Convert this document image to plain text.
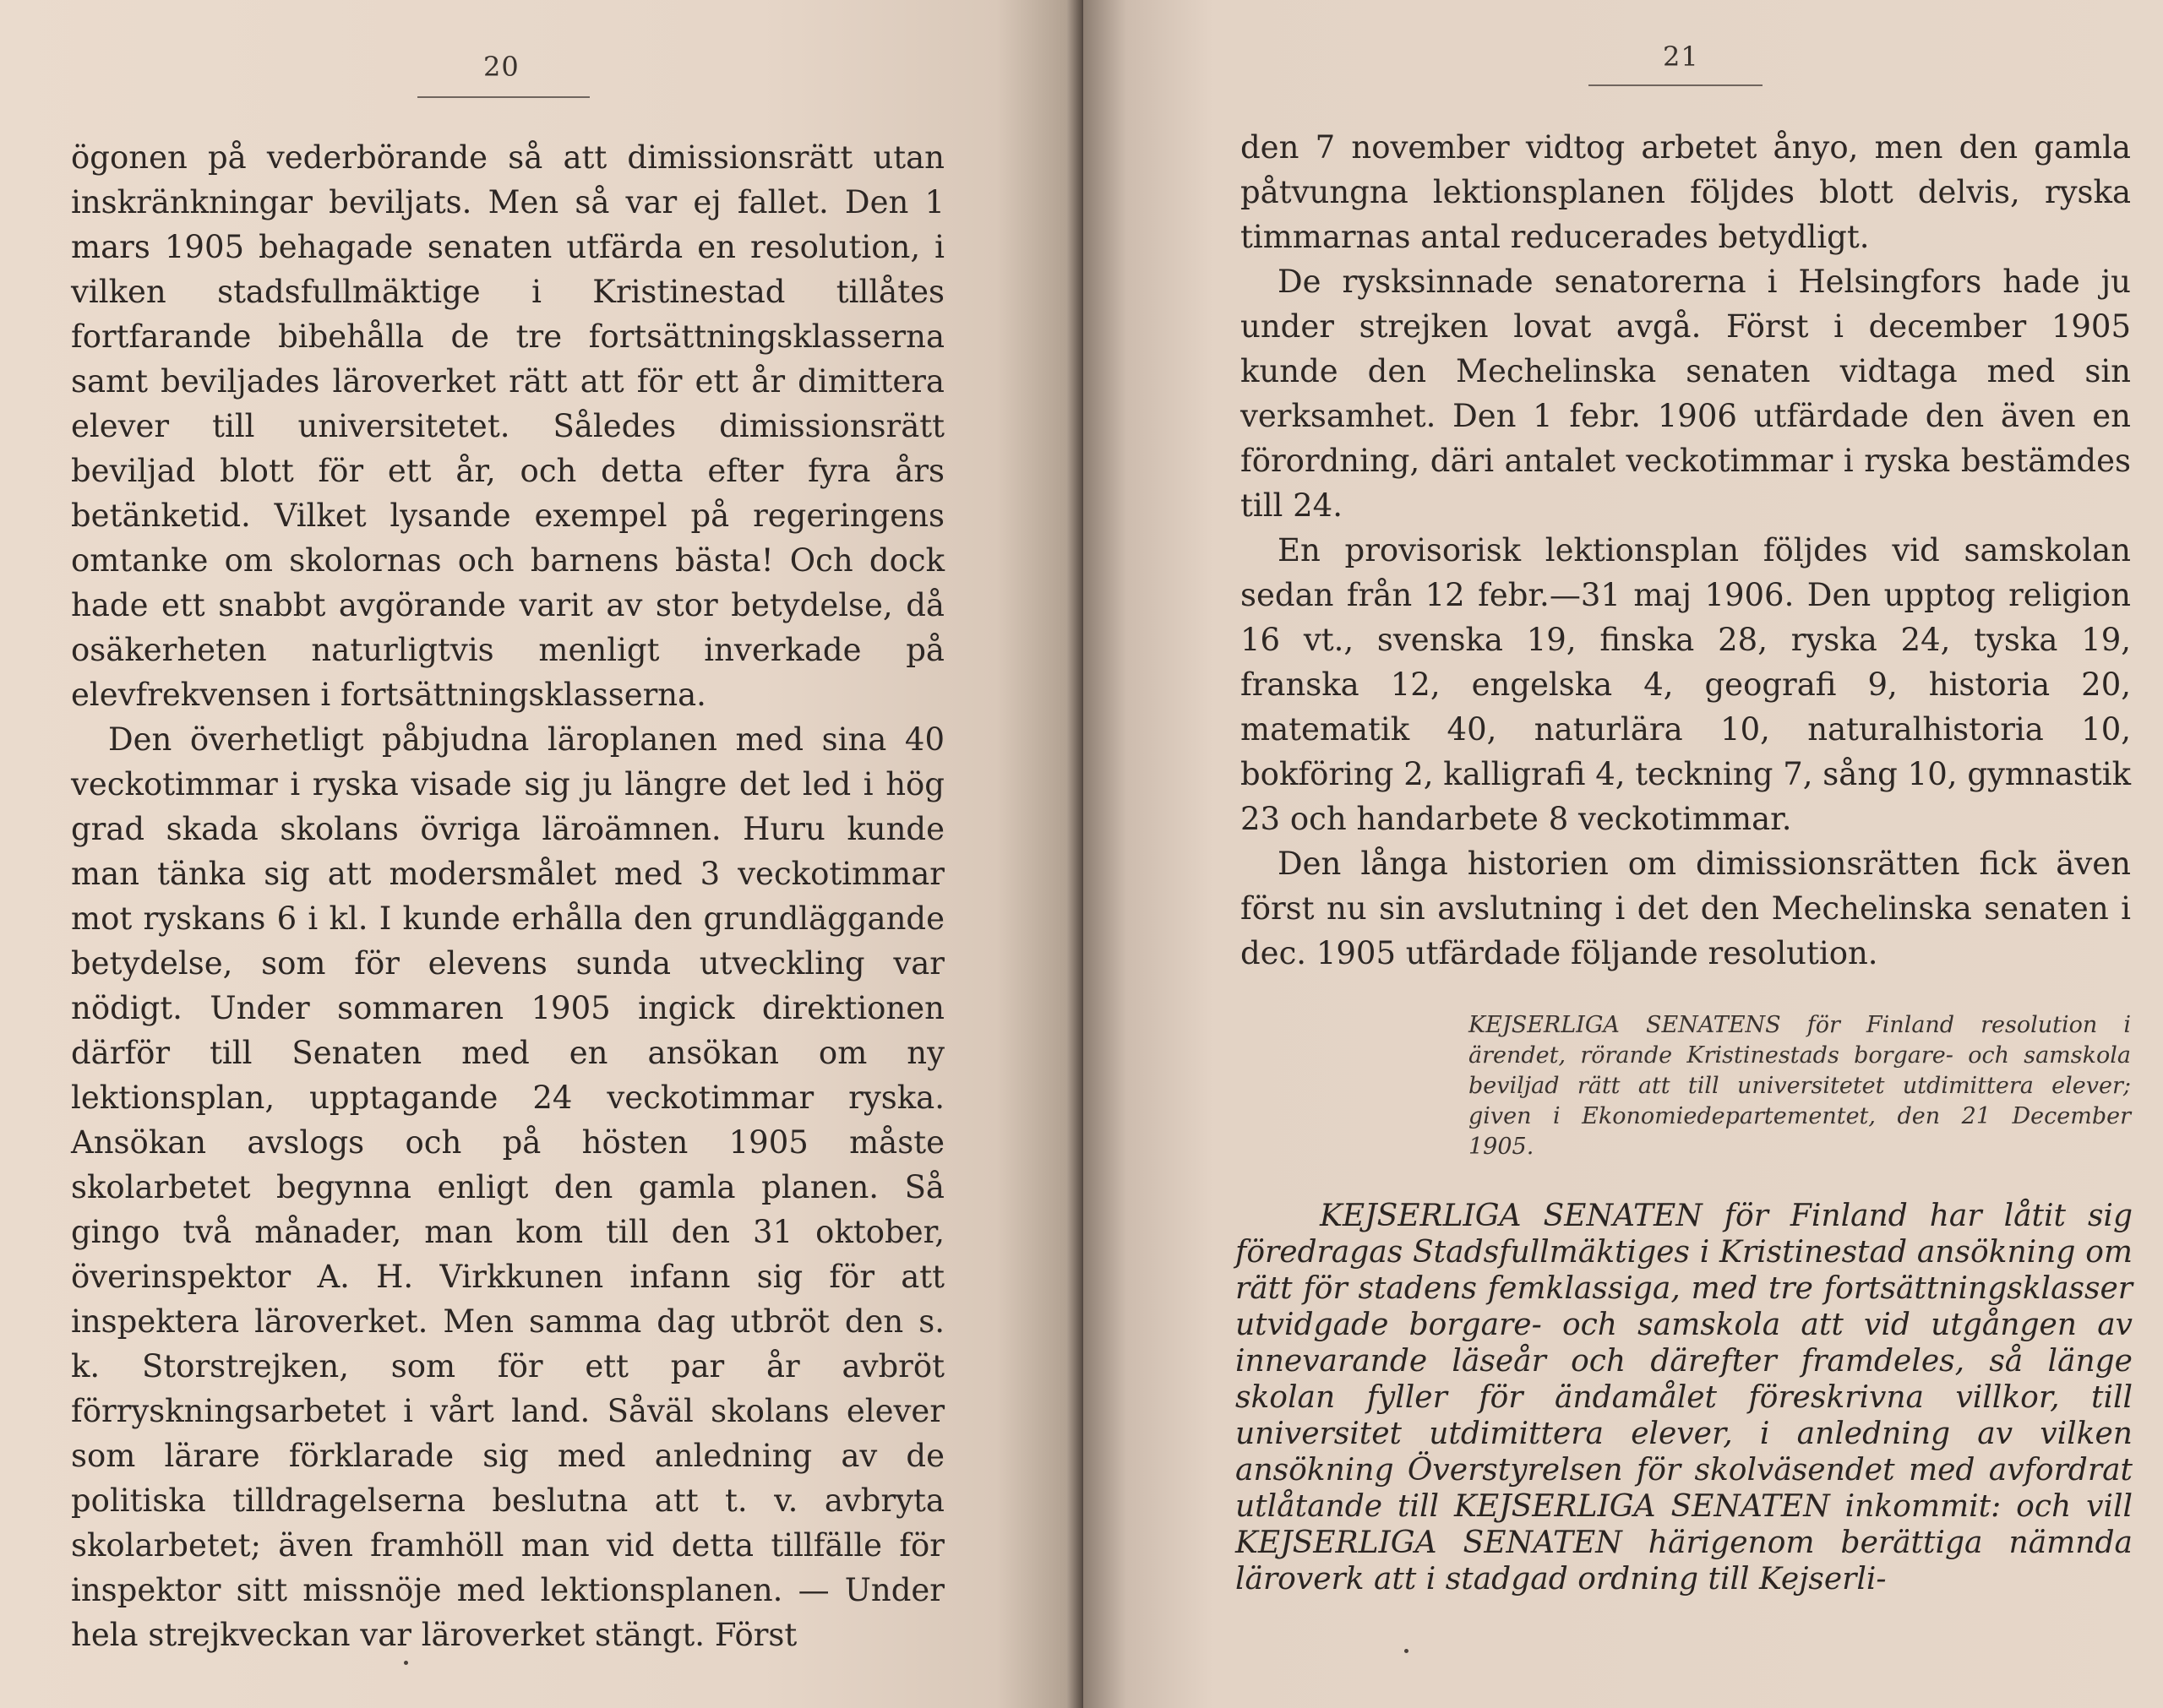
20

ögonen på vederbörande så att dimissionsrätt utan inskränkningar beviljats. Men så var ej fallet. Den 1 mars 1905 behagade senaten utfärda en resolution, i vilken stadsfullmäktige i Kristinestad tillåtes fortfarande bibehålla de tre fortsättningsklasserna samt beviljades läroverket rätt att för ett år dimittera elever till universitetet. Således dimissionsrätt beviljad blott för ett år, och detta efter fyra års betänketid. Vilket lysande exempel på regeringens omtanke om skolornas och barnens bästa! Och dock hade ett snabbt avgörande varit av stor betydelse, då osäkerheten naturligtvis menligt inverkade på elevfrekvensen i fortsättningsklasserna.

Den överhetligt påbjudna läroplanen med sina 40 veckotimmar i ryska visade sig ju längre det led i hög grad skada skolans övriga läroämnen. Huru kunde man tänka sig att modersmålet med 3 veckotimmar mot ryskans 6 i kl. I kunde erhålla den grundläggande betydelse, som för elevens sunda utveckling var nödigt. Under sommaren 1905 ingick direktionen därför till Senaten med en ansökan om ny lektionsplan, upptagande 24 veckotimmar ryska. Ansökan avslogs och på hösten 1905 måste skolarbetet begynna enligt den gamla planen. Så gingo två månader, man kom till den 31 oktober, överinspektor A. H. Virkkunen infann sig för att inspektera läroverket. Men samma dag utbröt den s. k. Storstrejken, som för ett par år avbröt förryskningsarbetet i vårt land. Såväl skolans elever som lärare förklarade sig med anledning av de politiska tilldragelserna beslutna att t. v. avbryta skolarbetet; även framhöll man vid detta tillfälle för inspektor sitt missnöje med lektionsplanen. — Under hela strejkveckan var läroverket stängt. Först

21

den 7 november vidtog arbetet ånyo, men den gamla påtvungna lektionsplanen följdes blott delvis, ryska timmarnas antal reducerades betydligt.

De rysksinnade senatorerna i Helsingfors hade ju under strejken lovat avgå. Först i december 1905 kunde den Mechelinska senaten vidtaga med sin verksamhet. Den 1 febr. 1906 utfärdade den även en förordning, däri antalet veckotimmar i ryska bestämdes till 24.

En provisorisk lektionsplan följdes vid samskolan sedan från 12 febr.—31 maj 1906. Den upptog religion 16 vt., svenska 19, finska 28, ryska 24, tyska 19, franska 12, engelska 4, geografi 9, historia 20, matematik 40, naturlära 10, naturalhistoria 10, bokföring 2, kalligrafi 4, teckning 7, sång 10, gymnastik 23 och handarbete 8 veckotimmar.

Den långa historien om dimissionsrätten fick även först nu sin avslutning i det den Mechelinska senaten i dec. 1905 utfärdade följande resolution.

KEJSERLIGA SENATENS för Finland resolution i ärendet, rörande Kristinestads borgare- och samskola beviljad rätt att till universitetet utdimittera elever; given i Ekonomiedepartementet, den 21 December 1905.
KEJSERLIGA SENATEN för Finland har låtit sig föredragas Stadsfullmäktiges i Kristinestad ansökning om rätt för stadens femklassiga, med tre fortsättningsklasser utvidgade borgare- och samskola att vid utgången av innevarande läseår och därefter framdeles, så länge skolan fyller för ändamålet föreskrivna villkor, till universitet utdimittera elever, i anledning av vilken ansökning Överstyrelsen för skolväsendet med avfordrat utlåtande till KEJSERLIGA SENATEN inkommit: och vill KEJSERLIGA SENATEN härigenom berättiga nämnda läroverk att i stadgad ordning till Kejserli-
